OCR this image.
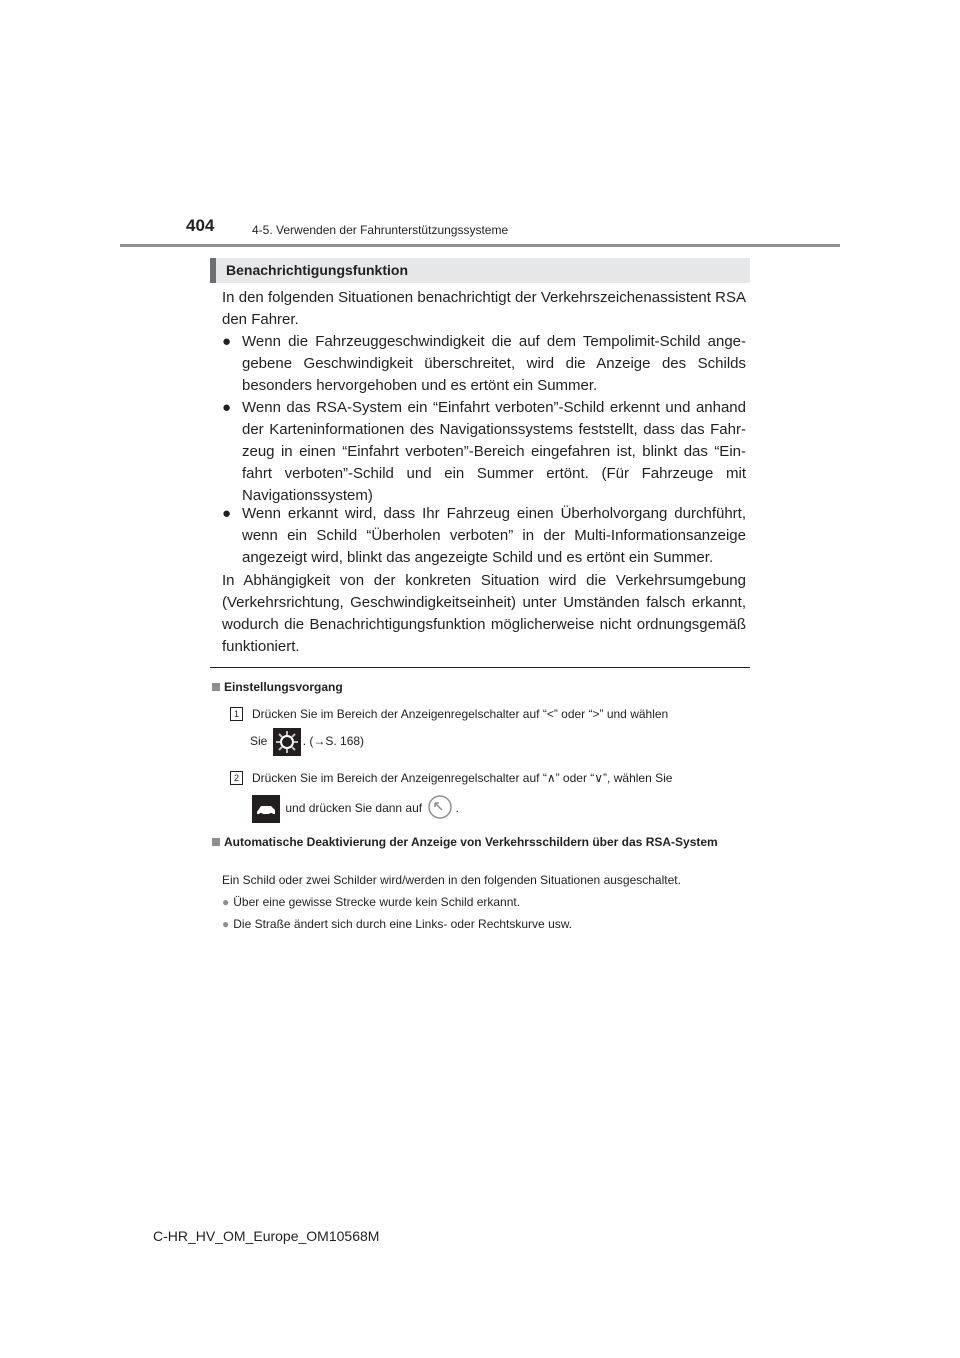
404	4-5. Verwenden der Fahrunterstützungssysteme
Benachrichtigungsfunktion

In den folgenden Situationen benachrichtigt der Verkehrszeichenassistent RSA den Fahrer.

● Wenn die Fahrzeuggeschwindigkeit die auf dem Tempolimit-Schild angegebene Geschwindigkeit überschreitet, wird die Anzeige des Schilds besonders hervorgehoben und es ertönt ein Summer.
● Wenn das RSA-System ein “Einfahrt verboten”-Schild erkennt und anhand der Karteninformationen des Navigationssystems feststellt, dass das Fahrzeug in einen “Einfahrt verboten”-Bereich eingefahren ist, blinkt das “Einfahrt verboten”-Schild und ein Summer ertönt. (Für Fahrzeuge mit Navigationssystem)
● Wenn erkannt wird, dass Ihr Fahrzeug einen Überholvorgang durchführt, wenn ein Schild “Überholen verboten” in der Multi-Informationsanzeige angezeigt wird, blinkt das angezeigte Schild und es ertönt ein Summer.

In Abhängigkeit von der konkreten Situation wird die Verkehrsumgebung (Verkehrsrichtung, Geschwindigkeitseinheit) unter Umständen falsch erkannt, wodurch die Benachrichtigungsfunktion möglicherweise nicht ordnungsgemäß funktioniert.

Einstellungsvorgang
1	Drücken Sie im Bereich der Anzeigenregelschalter auf “<” oder “>” und wählen
Sie	. (→S. 168)
2	Drücken Sie im Bereich der Anzeigenregelschalter auf “∧” oder “∨”, wählen Sie
und drücken Sie dann auf	.
Automatische Deaktivierung der Anzeige von Verkehrsschildern über das RSA-System
Ein Schild oder zwei Schilder wird/werden in den folgenden Situationen ausgeschaltet.
● Über eine gewisse Strecke wurde kein Schild erkannt.
● Die Straße ändert sich durch eine Links- oder Rechtskurve usw.
C-HR_HV_OM_Europe_OM10568M
